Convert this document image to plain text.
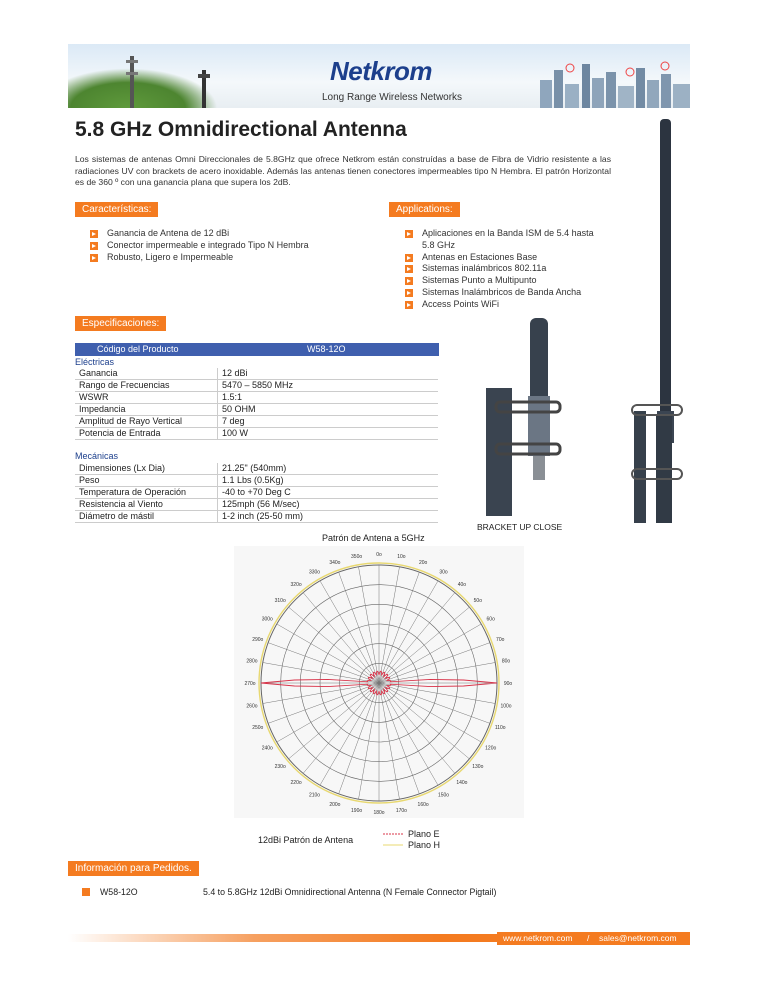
Netkrom
Long Range Wireless Networks
5.8 GHz Omnidirectional Antenna
Los sistemas de antenas Omni Direccionales de 5.8GHz que ofrece Netkrom están construídas a base de Fibra de Vidrio resistente a las radiaciones UV con brackets de acero inoxidable. Además las antenas tienen conectores impermeables tipo N Hembra. El patrón Horizontal es de 360 º con una ganancia plana que supera los 2dB.
Características:
Ganancia de Antena de 12 dBi
Conector impermeable e integrado Tipo N Hembra
Robusto, Ligero e Impermeable
Applications:
Aplicaciones en la Banda ISM de 5.4 hasta 5.8 GHz
Antenas en Estaciones Base
Sistemas inalámbricos 802.11a
Sistemas Punto a Multipunto
Sistemas Inalámbricos de Banda Ancha
Access Points WiFi
BRACKET UP CLOSE
Especificaciones:
Código del Producto	W58-12O
Eléctricas
Ganancia	12 dBi
Rango de Frecuencias	5470 – 5850 MHz
WSWR	1.5:1
Impedancia	50 OHM
Amplitud de Rayo Vertical	7 deg
Potencia de Entrada	100 W
Mecánicas
Dimensiones (Lx Dia)	21.25" (540mm)
Peso	1.1 Lbs (0.5Kg)
Temperatura de Operación	-40 to +70 Deg C
Resistencia al Viento	125mph (56 M/sec)
Diámetro de mástil	1-2 inch (25-50 mm)
Patrón de Antena a 5GHz
0o	10o
20o
30o
40o
50o
60o
70o
80o
90o
100o
110o
120o
130o
140o
150o
160o
170o
180o
190o
200o
210o
220o
230o
240o
250o
260o
270o
280o
290o
300o
310o
320o
330o
340o
350o
12dBi Patrón de Antena
Plano E
Plano H
Información para Pedidos.
W58-12O	5.4 to 5.8GHz 12dBi Omnidirectional Antenna (N Female Connector Pigtail)
www.netkrom.com / sales@netkrom.com
